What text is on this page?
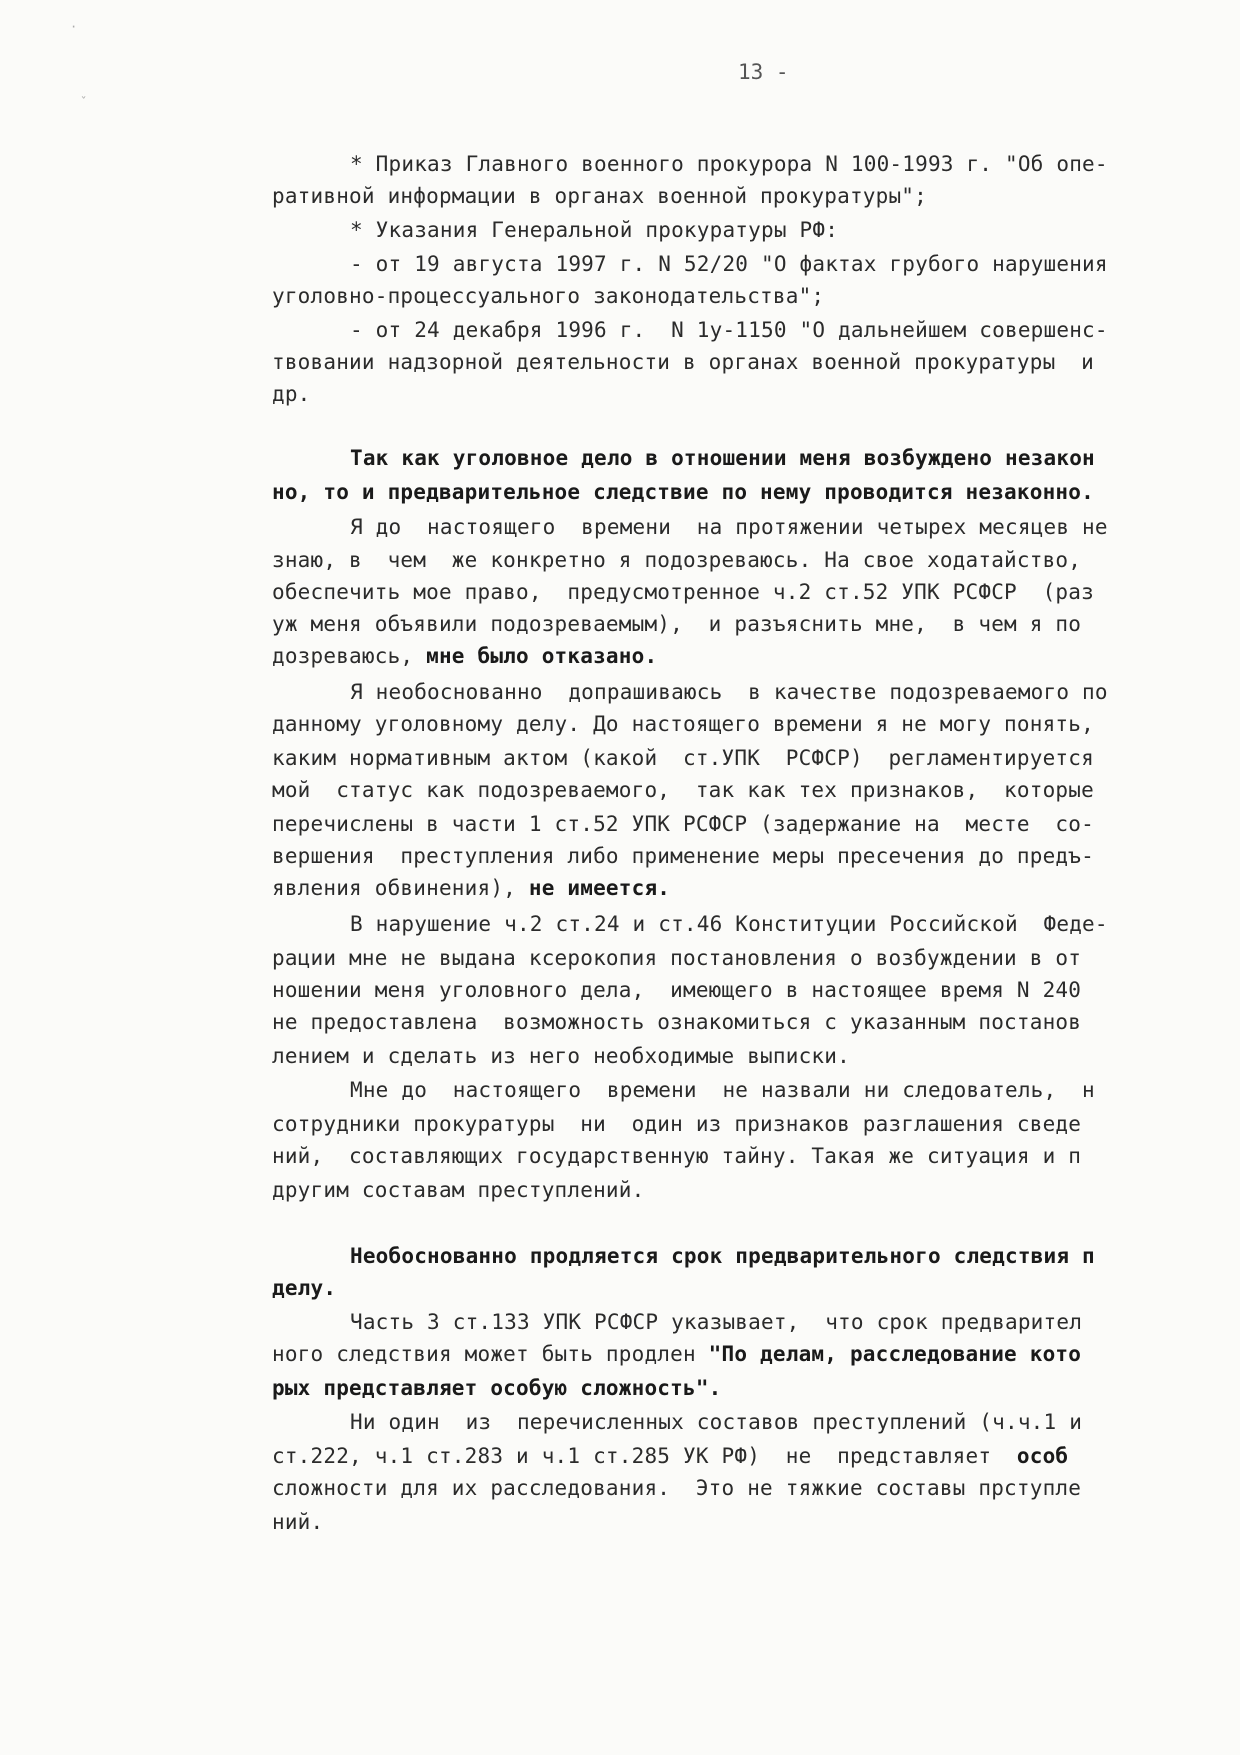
·
ˇ
13 -
* Приказ Главного военного прокурора N 100-1993 г. "Об опе-
ративной информации в органах военной прокуратуры";
* Указания Генеральной прокуратуры РФ:
- от 19 августа 1997 г. N 52/20 "О фактах грубого нарушения
уголовно-процессуального законодательства";
- от 24 декабря 1996 г.  N 1у-1150 "О дальнейшем совершенс-
твовании надзорной деятельности в органах военной прокуратуры  и
др.
Так как уголовное дело в отношении меня возбуждено незакон
но, то и предварительное следствие по нему проводится незаконно.
Я до  настоящего  времени  на протяжении четырех месяцев не
знаю, в  чем  же конкретно я подозреваюсь. На свое ходатайство,
обеспечить мое право,  предусмотренное ч.2 ст.52 УПК РСФСР  (раз
уж меня объявили подозреваемым),  и разъяснить мне,  в чем я по
дозреваюсь, мне было отказано.
Я необоснованно  допрашиваюсь  в качестве подозреваемого по
данному уголовному делу. До настоящего времени я не могу понять,
каким нормативным актом (какой  ст.УПК  РСФСР)  регламентируется
мой  статус как подозреваемого,  так как тех признаков,  которые
перечислены в части 1 ст.52 УПК РСФСР (задержание на  месте  со-
вершения  преступления либо применение меры пресечения до предъ-
явления обвинения), не имеется.
В нарушение ч.2 ст.24 и ст.46 Конституции Российской  Феде-
рации мне не выдана ксерокопия постановления о возбуждении в от
ношении меня уголовного дела,  имеющего в настоящее время N 240
не предоставлена  возможность ознакомиться с указанным постанов
лением и сделать из него необходимые выписки.
Мне до  настоящего  времени  не назвали ни следователь,  н
сотрудники прокуратуры  ни  один из признаков разглашения сведе
ний,  составляющих государственную тайну. Такая же ситуация и п
другим составам преступлений.
Необоснованно продляется срок предварительного следствия п
делу.
Часть 3 ст.133 УПК РСФСР указывает,  что срок предварител
ного следствия может быть продлен "По делам, расследование кото
рых представляет особую сложность".
Ни один  из  перечисленных составов преступлений (ч.ч.1 и
ст.222, ч.1 ст.283 и ч.1 ст.285 УК РФ)  не  представляет  особ
сложности для их расследования.  Это не тяжкие составы прступле
ний.
